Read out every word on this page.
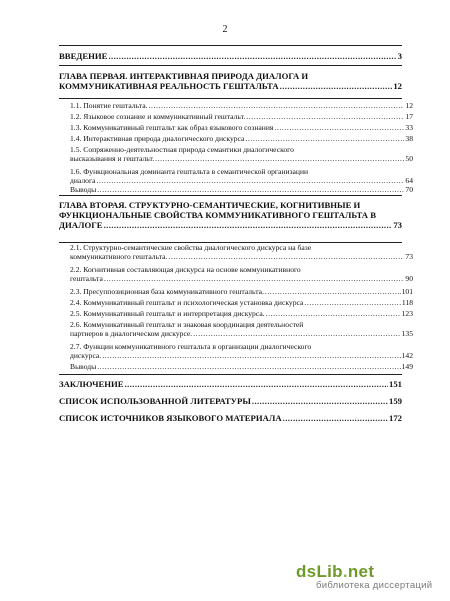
2
ВВЕДЕНИЕ .....	3
ГЛАВА ПЕРВАЯ. ИНТЕРАКТИВНАЯ ПРИРОДА ДИАЛОГА И
КОММУНИКАТИВНАЯ РЕАЛЬНОСТЬ ГЕШТАЛЬТА .....	12
1.1. Понятие гештальта. .....	12
1.2. Языковое сознание и коммуникативный гештальт. .....	17
1.3. Коммуникативный гештальт как образ языкового сознания .....	33
1.4. Интерактивная природа диалогического дискурса .....	38
1.5. Сопряженно-деятельностная природа семантики диалогического
высказывания и гештальт. .....	50
1.6. Функциональная доминанта гештальта в семантической организации
диалога .....	64
Выводы .....	70
ГЛАВА ВТОРАЯ. СТРУКТУРНО-СЕМАНТИЧЕСКИЕ, КОГНИТИВНЫЕ И
ФУНКЦИОНАЛЬНЫЕ СВОЙСТВА КОММУНИКАТИВНОГО ГЕШТАЛЬТА В
ДИАЛОГЕ .....	73
2.1. Структурно-семантические свойства диалогического дискурса на базе
коммуникативного гештальта. .....	73
2.2. Когнитивная составляющая дискурса на основе коммуникативного
гештальта .....	90
2.3. Пресуппозиционная база коммуникативного гештальта. .....	101
2.4. Коммуникативный гештальт и психологическая установка дискурса .....	118
2.5. Коммуникативный гештальт и интерпретация дискурса. .....	123
2.6. Коммуникативный гештальт и знаковая координация деятельностей
партнеров в диалогическом дискурсе. .....	135
2.7. Функции коммуникативного гештальта в организации диалогического
дискурса. .....	142
Выводы .....	149
ЗАКЛЮЧЕНИЕ .....	151
СПИСОК ИСПОЛЬЗОВАННОЙ ЛИТЕРАТУРЫ .....	159
СПИСОК ИСТОЧНИКОВ ЯЗЫКОВОГО МАТЕРИАЛА .....	172
dsLib.net
библиотека диссертаций
